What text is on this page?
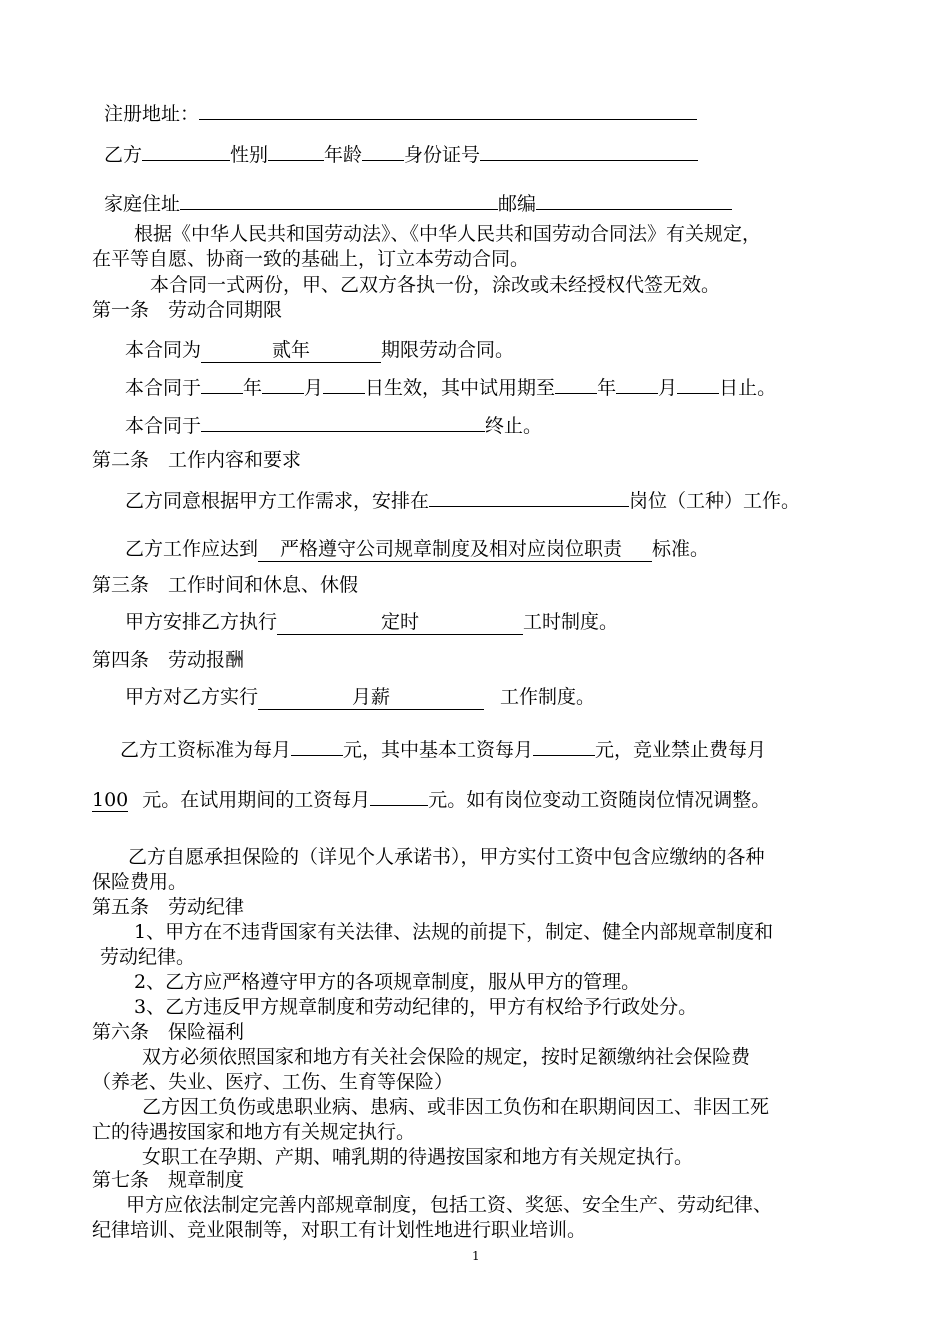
注册地址：
乙方	性别	年龄 身份证号
家庭住址	邮编
根据《中华人民共和国劳动法》、《中华人民共和国劳动合同法》有关规定，
在平等自愿、协商一致的基础上，订立本劳动合同。
本合同一式两份，甲、乙双方各执一份，涂改或未经授权代签无效。
第一条　劳动合同期限
本合同为	贰年	期限劳动合同。
本合同于 年 月 日生效，其中试用期至 年 月 日止。
本合同于	终止。
第二条　工作内容和要求
乙方同意根据甲方工作需求，安排在	岗位（工种）工作。
乙方工作应达到 严格遵守公司规章制度及相对应岗位职责 标准。
第三条　工作时间和休息、休假
甲方安排乙方执行	定时	工时制度。
第四条　劳动报酬
甲方对乙方实行	月薪	工作制度。
乙方工资标准为每月	元，其中基本工资每月	元，竞业禁止费每月
100 元。在试用期间的工资每月	元。如有岗位变动工资随岗位情况调整。
乙方自愿承担保险的（详见个人承诺书），甲方实付工资中包含应缴纳的各种
保险费用。
第五条　劳动纪律
1、甲方在不违背国家有关法律、法规的前提下，制定、健全内部规章制度和
劳动纪律。
2、乙方应严格遵守甲方的各项规章制度，服从甲方的管理。
3、乙方违反甲方规章制度和劳动纪律的，甲方有权给予行政处分。
第六条　保险福利
双方必须依照国家和地方有关社会保险的规定，按时足额缴纳社会保险费
（养老、失业、医疗、工伤、生育等保险）
乙方因工负伤或患职业病、患病、或非因工负伤和在职期间因工、非因工死
亡的待遇按国家和地方有关规定执行。
女职工在孕期、产期、哺乳期的待遇按国家和地方有关规定执行。
第七条　规章制度
甲方应依法制定完善内部规章制度，包括工资、奖惩、安全生产、劳动纪律、
纪律培训、竞业限制等，对职工有计划性地进行职业培训。
1
